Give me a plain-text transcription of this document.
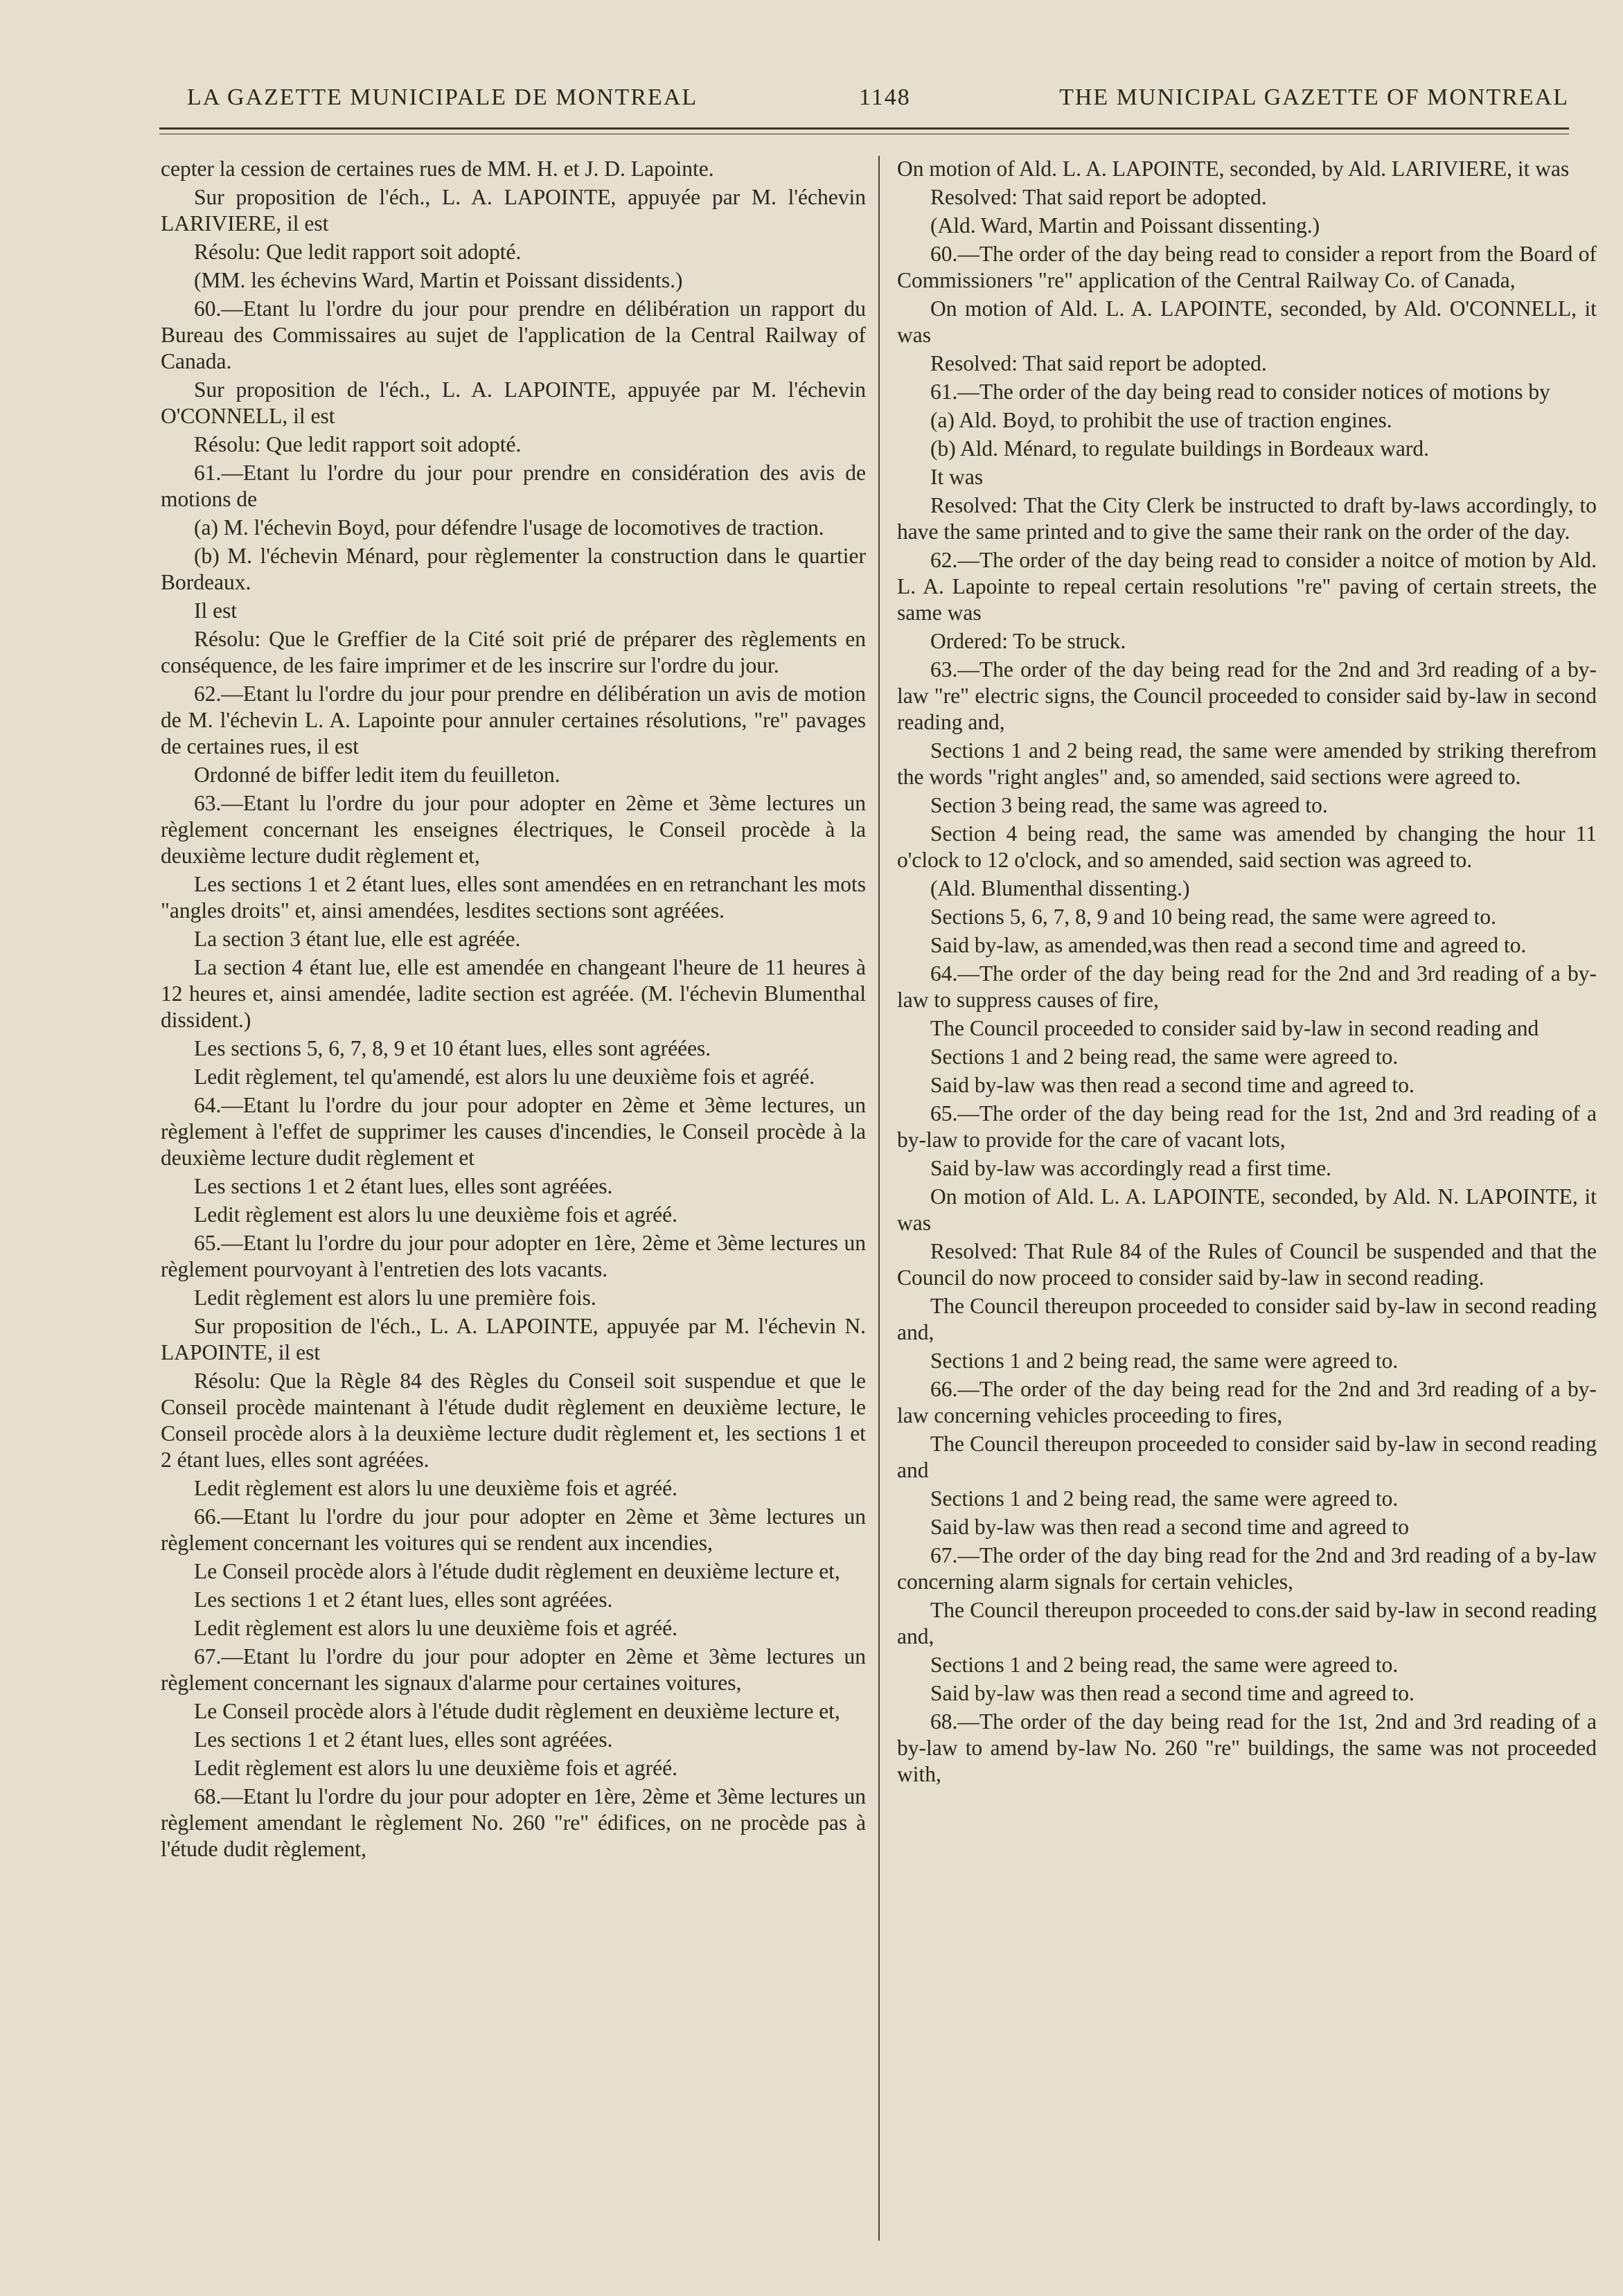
LA GAZETTE MUNICIPALE DE MONTREAL	1148	THE MUNICIPAL GAZETTE OF MONTREAL

cepter la cession de certaines rues de MM. H. et J. D. Lapointe.

Sur proposition de l'éch., L. A. LAPOINTE, appuyée par M. l'échevin LARIVIERE, il est

Résolu: Que ledit rapport soit adopté.

(MM. les échevins Ward, Martin et Poissant dissidents.)

60.—Etant lu l'ordre du jour pour prendre en délibération un rapport du Bureau des Commissaires au sujet de l'application de la Central Railway of Canada.

Sur proposition de l'éch., L. A. LAPOINTE, appuyée par M. l'échevin O'CONNELL, il est

Résolu: Que ledit rapport soit adopté.

61.—Etant lu l'ordre du jour pour prendre en considération des avis de motions de

(a) M. l'échevin Boyd, pour défendre l'usage de locomotives de traction.

(b) M. l'échevin Ménard, pour règlementer la construction dans le quartier Bordeaux.

Il est

Résolu: Que le Greffier de la Cité soit prié de préparer des règlements en conséquence, de les faire imprimer et de les inscrire sur l'ordre du jour.

62.—Etant lu l'ordre du jour pour prendre en délibération un avis de motion de M. l'échevin L. A. Lapointe pour annuler certaines résolutions, "re" pavages de certaines rues, il est

Ordonné de biffer ledit item du feuilleton.

63.—Etant lu l'ordre du jour pour adopter en 2ème et 3ème lectures un règlement concernant les enseignes électriques, le Conseil procède à la deuxième lecture dudit règlement et,

Les sections 1 et 2 étant lues, elles sont amendées en en retranchant les mots "angles droits" et, ainsi amendées, lesdites sections sont agréées.

La section 3 étant lue, elle est agréée.

La section 4 étant lue, elle est amendée en changeant l'heure de 11 heures à 12 heures et, ainsi amendée, ladite section est agréée. (M. l'échevin Blumenthal dissident.)

Les sections 5, 6, 7, 8, 9 et 10 étant lues, elles sont agréées.

Ledit règlement, tel qu'amendé, est alors lu une deuxième fois et agréé.

64.—Etant lu l'ordre du jour pour adopter en 2ème et 3ème lectures, un règlement à l'effet de supprimer les causes d'incendies, le Conseil procède à la deuxième lecture dudit règlement et

Les sections 1 et 2 étant lues, elles sont agréées.

Ledit règlement est alors lu une deuxième fois et agréé.

65.—Etant lu l'ordre du jour pour adopter en 1ère, 2ème et 3ème lectures un règlement pourvoyant à l'entretien des lots vacants.

Ledit règlement est alors lu une première fois.

Sur proposition de l'éch., L. A. LAPOINTE, appuyée par M. l'échevin N. LAPOINTE, il est

Résolu: Que la Règle 84 des Règles du Conseil soit suspendue et que le Conseil procède maintenant à l'étude dudit règlement en deuxième lecture, le Conseil procède alors à la deuxième lecture dudit règlement et, les sections 1 et 2 étant lues, elles sont agréées.

Ledit règlement est alors lu une deuxième fois et agréé.

66.—Etant lu l'ordre du jour pour adopter en 2ème et 3ème lectures un règlement concernant les voitures qui se rendent aux incendies,

Le Conseil procède alors à l'étude dudit règlement en deuxième lecture et,

Les sections 1 et 2 étant lues, elles sont agréées.

Ledit règlement est alors lu une deuxième fois et agréé.

67.—Etant lu l'ordre du jour pour adopter en 2ème et 3ème lectures un règlement concernant les signaux d'alarme pour certaines voitures,

Le Conseil procède alors à l'étude dudit règlement en deuxième lecture et,

Les sections 1 et 2 étant lues, elles sont agréées.

Ledit règlement est alors lu une deuxième fois et agréé.

68.—Etant lu l'ordre du jour pour adopter en 1ère, 2ème et 3ème lectures un règlement amendant le règlement No. 260 "re" édifices, on ne procède pas à l'étude dudit règlement,

On motion of Ald. L. A. LAPOINTE, seconded, by Ald. LARIVIERE, it was

Resolved: That said report be adopted.

(Ald. Ward, Martin and Poissant dissenting.)

60.—The order of the day being read to consider a report from the Board of Commissioners "re" application of the Central Railway Co. of Canada,

On motion of Ald. L. A. LAPOINTE, seconded, by Ald. O'CONNELL, it was

Resolved: That said report be adopted.

61.—The order of the day being read to consider notices of motions by

(a) Ald. Boyd, to prohibit the use of traction engines.

(b) Ald. Ménard, to regulate buildings in Bordeaux ward.

It was

Resolved: That the City Clerk be instructed to draft by-laws accordingly, to have the same printed and to give the same their rank on the order of the day.

62.—The order of the day being read to consider a noitce of motion by Ald. L. A. Lapointe to repeal certain resolutions "re" paving of certain streets, the same was

Ordered: To be struck.

63.—The order of the day being read for the 2nd and 3rd reading of a by-law "re" electric signs, the Council proceeded to consider said by-law in second reading and,

Sections 1 and 2 being read, the same were amended by striking therefrom the words "right angles" and, so amended, said sections were agreed to.

Section 3 being read, the same was agreed to.

Section 4 being read, the same was amended by changing the hour 11 o'clock to 12 o'clock, and so amended, said section was agreed to.

(Ald. Blumenthal dissenting.)

Sections 5, 6, 7, 8, 9 and 10 being read, the same were agreed to.

Said by-law, as amended,was then read a second time and agreed to.

64.—The order of the day being read for the 2nd and 3rd reading of a by-law to suppress causes of fire,

The Council proceeded to consider said by-law in second reading and

Sections 1 and 2 being read, the same were agreed to.

Said by-law was then read a second time and agreed to.

65.—The order of the day being read for the 1st, 2nd and 3rd reading of a by-law to provide for the care of vacant lots,

Said by-law was accordingly read a first time.

On motion of Ald. L. A. LAPOINTE, seconded, by Ald. N. LAPOINTE, it was

Resolved: That Rule 84 of the Rules of Council be suspended and that the Council do now proceed to consider said by-law in second reading.

The Council thereupon proceeded to consider said by-law in second reading and,

Sections 1 and 2 being read, the same were agreed to.

66.—The order of the day being read for the 2nd and 3rd reading of a by-law concerning vehicles proceeding to fires,

The Council thereupon proceeded to consider said by-law in second reading and

Sections 1 and 2 being read, the same were agreed to.

Said by-law was then read a second time and agreed to

67.—The order of the day bing read for the 2nd and 3rd reading of a by-law concerning alarm signals for certain vehicles,

The Council thereupon proceeded to cons.der said by-law in second reading and,

Sections 1 and 2 being read, the same were agreed to.

Said by-law was then read a second time and agreed to.

68.—The order of the day being read for the 1st, 2nd and 3rd reading of a by-law to amend by-law No. 260 "re" buildings, the same was not proceeded with,
